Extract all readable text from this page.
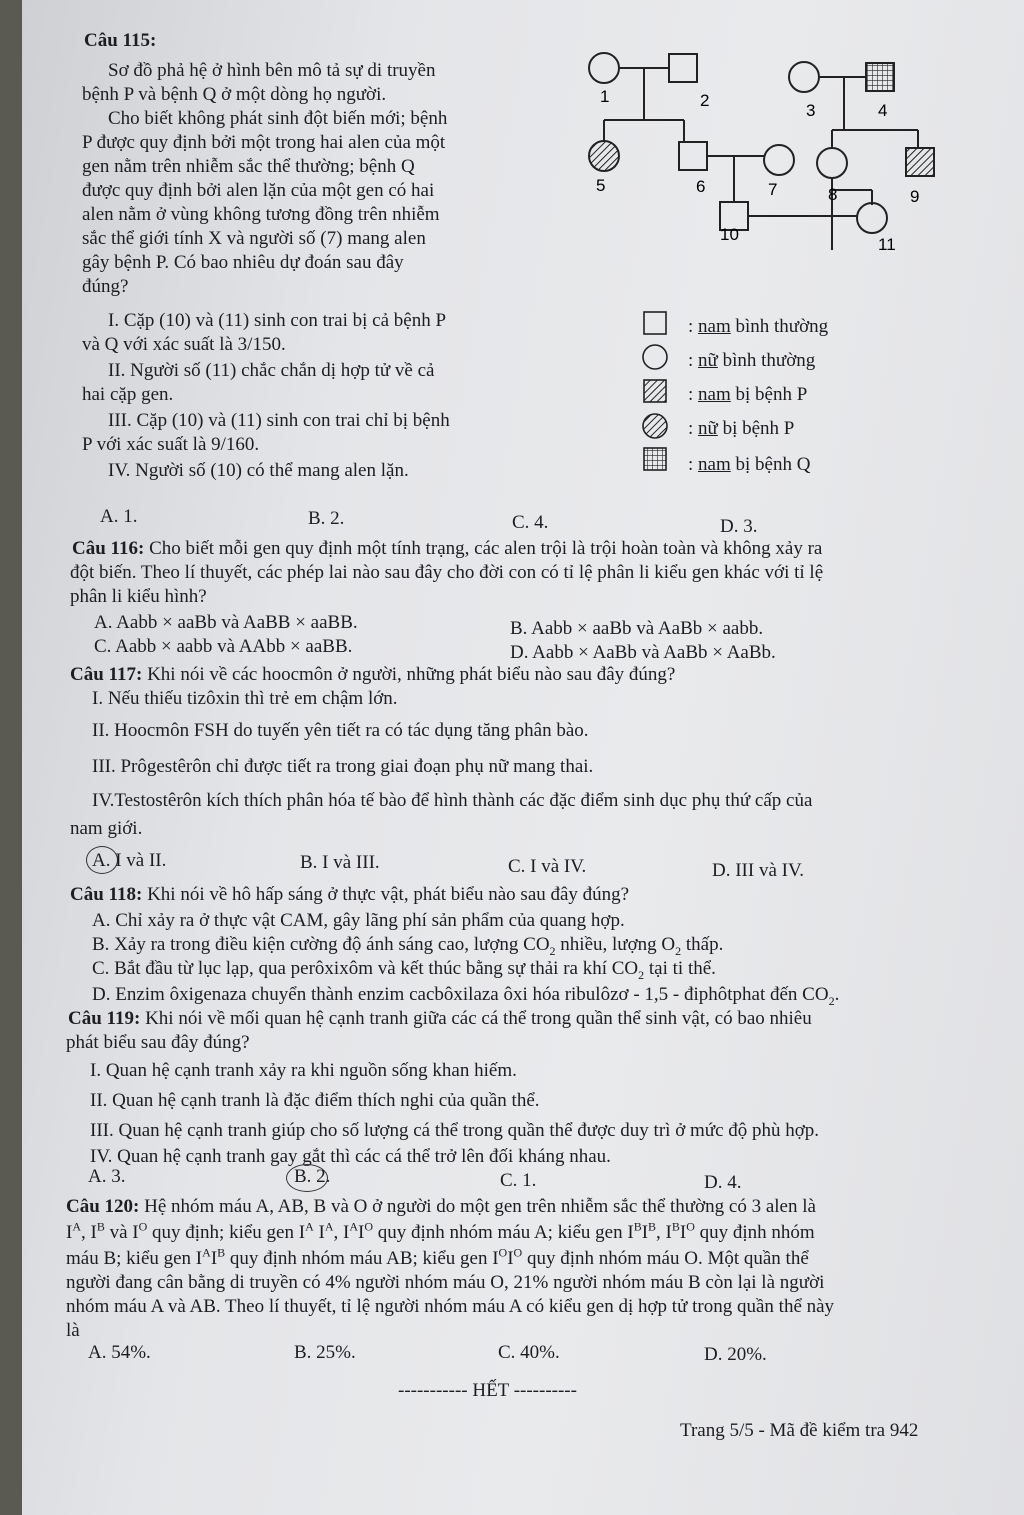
Câu 115:
Sơ đồ phả hệ ở hình bên mô tả sự di truyền
bệnh P và bệnh Q ở một dòng họ người.
Cho biết không phát sinh đột biến mới; bệnh
P được quy định bởi một trong hai alen của một
gen nằm trên nhiễm sắc thể thường; bệnh Q
được quy định bởi alen lặn của một gen có hai
alen nằm ở vùng không tương đồng trên nhiễm
sắc thể giới tính X và người số (7) mang alen
gây bệnh P. Có bao nhiêu dự đoán sau đây
đúng?
I. Cặp (10) và (11) sinh con trai bị cả bệnh P
và Q với xác suất là 3/150.
II. Người số (11) chắc chắn dị hợp tử về cả
hai cặp gen.
III. Cặp (10) và (11) sinh con trai chỉ bị bệnh
P với xác suất là 9/160.
IV. Người số (10) có thể mang alen lặn.
A. 1.	B. 2.	C. 4.	D. 3.
1	2
3	4
5	6	7	8	9
10
11
: nam bình thường
: nữ bình thường
: nam bị bệnh P
: nữ bị bệnh P
: nam bị bệnh Q
Câu 116: Cho biết mỗi gen quy định một tính trạng, các alen trội là trội hoàn toàn và không xảy ra
đột biến. Theo lí thuyết, các phép lai nào sau đây cho đời con có tỉ lệ phân li kiểu gen khác với tỉ lệ
phân li kiểu hình?
A. Aabb × aaBb và AaBB × aaBB.	B. Aabb × aaBb và AaBb × aabb.
C. Aabb × aabb và AAbb × aaBB.	D. Aabb × AaBb và AaBb × AaBb.
Câu 117: Khi nói về các hoocmôn ở người, những phát biểu nào sau đây đúng?
I. Nếu thiếu tizôxin thì trẻ em chậm lớn.
II. Hoocmôn FSH do tuyến yên tiết ra có tác dụng tăng phân bào.
III. Prôgestêrôn chỉ được tiết ra trong giai đoạn phụ nữ mang thai.
IV.Testostêrôn kích thích phân hóa tế bào để hình thành các đặc điểm sinh dục phụ thứ cấp của
nam giới.
A. I và II.	B. I và III.	C. I và IV.	D. III và IV.
Câu 118: Khi nói về hô hấp sáng ở thực vật, phát biểu nào sau đây đúng?
A. Chỉ xảy ra ở thực vật CAM, gây lãng phí sản phẩm của quang hợp.
B. Xảy ra trong điều kiện cường độ ánh sáng cao, lượng $CO_2$ nhiều, lượng $O_2$ thấp.
C. Bắt đầu từ lục lạp, qua perôxixôm và kết thúc bằng sự thải ra khí $CO_2$ tại ti thể.
D. Enzim ôxigenaza chuyển thành enzim cacbôxilaza ôxi hóa ribulôzơ - 1,5 - điphôtphat đến $CO_2$.
Câu 119: Khi nói về mối quan hệ cạnh tranh giữa các cá thể trong quần thể sinh vật, có bao nhiêu
phát biểu sau đây đúng?
I. Quan hệ cạnh tranh xảy ra khi nguồn sống khan hiếm.
II. Quan hệ cạnh tranh là đặc điểm thích nghi của quần thể.
III. Quan hệ cạnh tranh giúp cho số lượng cá thể trong quần thể được duy trì ở mức độ phù hợp.
IV. Quan hệ cạnh tranh gay gắt thì các cá thể trở lên đối kháng nhau.
A. 3.	B. 2.	C. 1.	D. 4.
Câu 120: Hệ nhóm máu A, AB, B và O ở người do một gen trên nhiễm sắc thể thường có 3 alen là
$I^A$, $I^B$ và $I^O$ quy định; kiểu gen $I^A$ $I^A$, $I^AI^O$ quy định nhóm máu A; kiểu gen $I^BI^B$, $I^BI^O$ quy định nhóm
máu B; kiểu gen $I^AI^B$ quy định nhóm máu AB; kiểu gen $I^OI^O$ quy định nhóm máu O. Một quần thể
người đang cân bằng di truyền có 4% người nhóm máu O, 21% người nhóm máu B còn lại là người
nhóm máu A và AB. Theo lí thuyết, tỉ lệ người nhóm máu A có kiểu gen dị hợp tử trong quần thể này
là
A. 54%.	B. 25%.	C. 40%.	D. 20%.
----------- HẾT ----------
Trang 5/5 - Mã đề kiểm tra 942
